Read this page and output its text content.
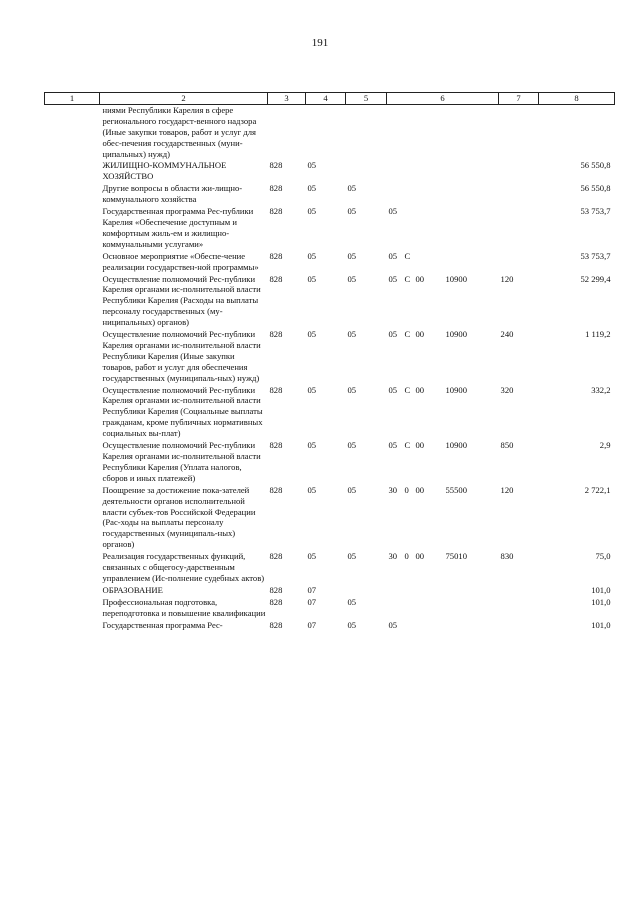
191
1	2	3	4	5	6				7	8
	ниями Республики Карелия в сфере регионального государст-венного надзора (Иные закупки товаров, работ и услуг для обес-печения государственных (муни-ципальных) нужд)									
	ЖИЛИЩНО-КОММУНАЛЬНОЕ ХОЗЯЙСТВО	828	05							56 550,8
	Другие вопросы в области жи-лищно-коммунального хозяйства	828	05	05						56 550,8
	Государственная программа Рес-публики Карелия «Обеспечение доступным и комфортным жиль-ем и жилищно-коммунальными услугами»	828	05	05	05					53 753,7
	Основное мероприятие «Обеспе-чение реализации государствен-ной программы»	828	05	05	05	С				53 753,7
	Осуществление полномочий Рес-публики Карелия органами ис-полнительной власти Республики Карелия (Расходы на выплаты персоналу государственных (му-ниципальных) органов)	828	05	05	05	С	00	10900	120	52 299,4
	Осуществление полномочий Рес-публики Карелия органами ис-полнительной власти Республики Карелия (Иные закупки товаров, работ и услуг для обеспечения государственных (муниципаль-ных) нужд)	828	05	05	05	С	00	10900	240	1 119,2
	Осуществление полномочий Рес-публики Карелия органами ис-полнительной власти Республики Карелия (Социальные выплаты гражданам, кроме публичных нормативных социальных вы-плат)	828	05	05	05	С	00	10900	320	332,2
	Осуществление полномочий Рес-публики Карелия органами ис-полнительной власти Республики Карелия (Уплата налогов, сборов и иных платежей)	828	05	05	05	С	00	10900	850	2,9
	Поощрение за достижение пока-зателей деятельности органов исполнительной власти субъек-тов Российской Федерации (Рас-ходы на выплаты персоналу государственных (муниципаль-ных) органов)	828	05	05	30	0	00	55500	120	2 722,1
	Реализация государственных функций, связанных с общегосу-дарственным управлением (Ис-полнение судебных актов)	828	05	05	30	0	00	75010	830	75,0
	ОБРАЗОВАНИЕ	828	07							101,0
	Профессиональная подготовка, переподготовка и повышение квалификации	828	07	05						101,0
	Государственная программа Рес-	828	07	05	05					101,0
